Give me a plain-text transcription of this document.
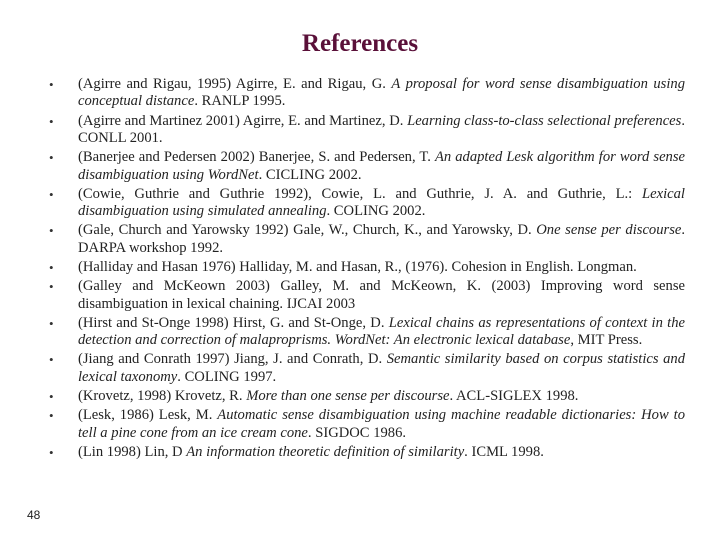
References
• (Agirre and Rigau, 1995) Agirre, E. and Rigau, G. A proposal for word sense disambiguation using conceptual distance. RANLP 1995.
• (Agirre and Martinez 2001) Agirre, E. and Martinez, D. Learning class-to-class selectional preferences. CONLL 2001.
• (Banerjee and Pedersen 2002) Banerjee, S. and Pedersen, T. An adapted Lesk algorithm for word sense disambiguation using WordNet. CICLING 2002.
• (Cowie, Guthrie and Guthrie 1992), Cowie, L. and Guthrie, J. A. and Guthrie, L.: Lexical disambiguation using simulated annealing. COLING 2002.
• (Gale, Church and Yarowsky 1992) Gale, W., Church, K., and Yarowsky, D. One sense per discourse. DARPA workshop 1992.
• (Halliday and Hasan 1976) Halliday, M. and Hasan, R., (1976). Cohesion in English. Longman.
• (Galley and McKeown 2003) Galley, M. and McKeown, K. (2003) Improving word sense disambiguation in lexical chaining. IJCAI 2003
• (Hirst and St-Onge 1998) Hirst, G. and St-Onge, D. Lexical chains as representations of context in the detection and correction of malaproprisms. WordNet: An electronic lexical database, MIT Press.
• (Jiang and Conrath 1997) Jiang, J. and Conrath, D. Semantic similarity based on corpus statistics and lexical taxonomy. COLING 1997.
• (Krovetz, 1998) Krovetz, R. More than one sense per discourse. ACL-SIGLEX 1998.
• (Lesk, 1986) Lesk, M. Automatic sense disambiguation using machine readable dictionaries: How to tell a pine cone from an ice cream cone. SIGDOC 1986.
• (Lin 1998) Lin, D An information theoretic definition of similarity. ICML 1998.
48
